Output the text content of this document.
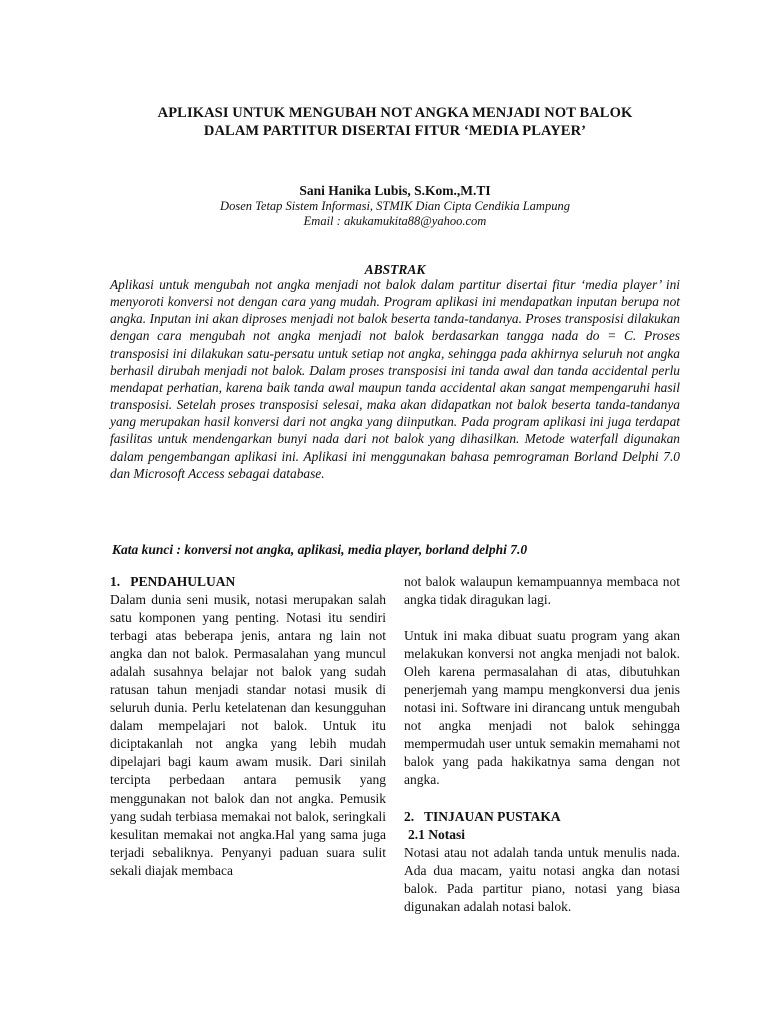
APLIKASI UNTUK MENGUBAH NOT ANGKA MENJADI NOT BALOK
DALAM PARTITUR DISERTAI FITUR ‘MEDIA PLAYER’
Sani Hanika Lubis, S.Kom.,M.TI
Dosen Tetap Sistem Informasi, STMIK Dian Cipta Cendikia Lampung
Email : akukamukita88@yahoo.com
ABSTRAK
Aplikasi untuk mengubah not angka menjadi not balok dalam partitur disertai fitur ‘media player’ ini menyoroti konversi not dengan cara yang mudah. Program aplikasi ini mendapatkan inputan berupa not angka. Inputan ini akan diproses menjadi not balok beserta tanda-tandanya. Proses transposisi dilakukan dengan cara mengubah not angka menjadi not balok berdasarkan tangga nada do = C. Proses transposisi ini dilakukan satu-persatu untuk setiap not angka, sehingga pada akhirnya seluruh not angka berhasil dirubah menjadi not balok. Dalam proses transposisi ini tanda awal dan tanda accidental perlu mendapat perhatian, karena baik tanda awal maupun tanda accidental akan sangat mempengaruhi hasil transposisi. Setelah proses transposisi selesai, maka akan didapatkan not balok beserta tanda-tandanya yang merupakan hasil konversi dari not angka yang diinputkan. Pada program aplikasi ini juga terdapat fasilitas untuk mendengarkan bunyi nada dari not balok yang dihasilkan. Metode waterfall digunakan dalam pengembangan aplikasi ini. Aplikasi ini menggunakan bahasa pemrograman Borland Delphi 7.0 dan Microsoft Access sebagai database.
Kata kunci : konversi not angka, aplikasi, media player, borland delphi 7.0
1.   PENDAHULUAN

Dalam dunia seni musik, notasi merupakan salah satu komponen yang penting. Notasi itu sendiri terbagi atas beberapa jenis, antara ng lain not angka dan not balok. Permasalahan yang muncul adalah susahnya belajar not balok yang sudah ratusan tahun menjadi standar notasi musik di seluruh dunia. Perlu ketelatenan dan kesungguhan dalam mempelajari not balok. Untuk itu diciptakanlah not angka yang lebih mudah dipelajari bagi kaum awam musik. Dari sinilah tercipta perbedaan antara pemusik yang menggunakan not balok dan not angka. Pemusik yang sudah terbiasa memakai not balok, seringkali kesulitan memakai not angka.Hal yang sama juga terjadi sebaliknya. Penyanyi paduan suara sulit sekali diajak membaca

not balok walaupun kemampuannya membaca not angka tidak diragukan lagi.

Untuk ini maka dibuat suatu program yang akan melakukan konversi not angka menjadi not balok. Oleh karena permasalahan di atas, dibutuhkan penerjemah yang mampu mengkonversi dua jenis notasi ini. Software ini dirancang untuk mengubah not angka menjadi not balok sehingga mempermudah user untuk semakin memahami not balok yang pada hakikatnya sama dengan not angka.

2.   TINJAUAN PUSTAKA
2.1 Notasi

Notasi atau not adalah tanda untuk menulis nada. Ada dua macam, yaitu notasi angka dan notasi balok. Pada partitur piano, notasi yang biasa digunakan adalah notasi balok.
